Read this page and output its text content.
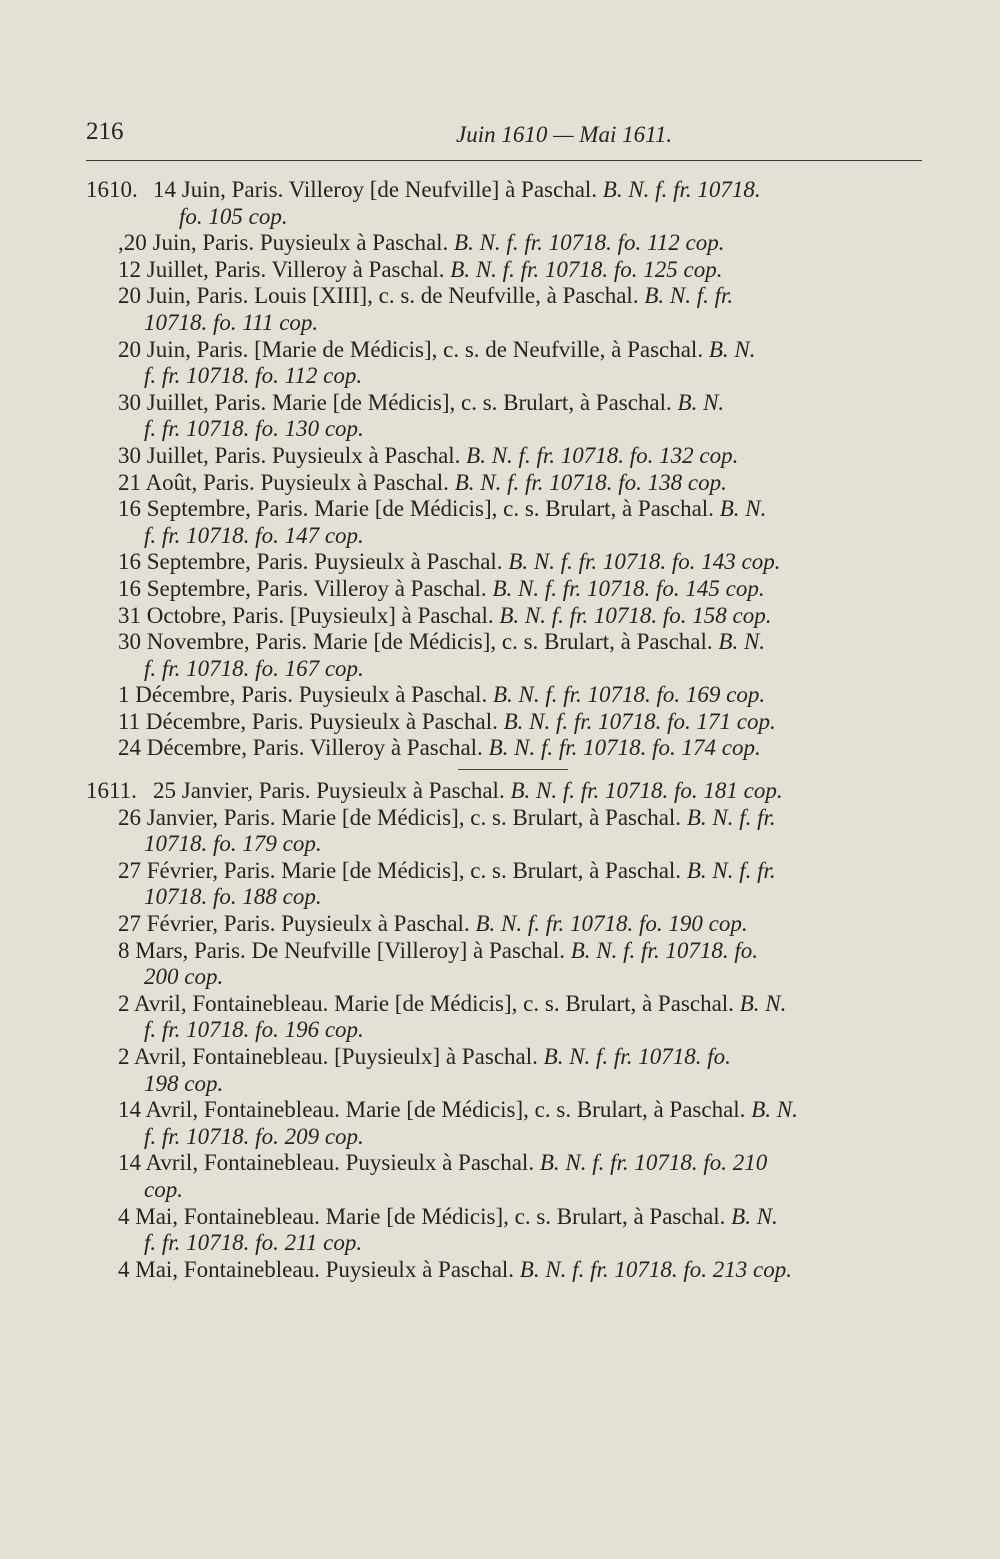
216	Juin 1610 — Mai 1611.
1610. 14 Juin, Paris. Villeroy [de Neufville] à Paschal. B. N. f. fr. 10718.
fo. 105 cop.
,20 Juin, Paris. Puysieulx à Paschal. B. N. f. fr. 10718. fo. 112 cop.
12 Juillet, Paris. Villeroy à Paschal. B. N. f. fr. 10718. fo. 125 cop.
20 Juin, Paris. Louis [XIII], c. s. de Neufville, à Paschal. B. N. f. fr.
10718. fo. 111 cop.
20 Juin, Paris. [Marie de Médicis], c. s. de Neufville, à Paschal. B. N.
f. fr. 10718. fo. 112 cop.
30 Juillet, Paris. Marie [de Médicis], c. s. Brulart, à Paschal. B. N.
f. fr. 10718. fo. 130 cop.
30 Juillet, Paris. Puysieulx à Paschal. B. N. f. fr. 10718. fo. 132 cop.
21 Août, Paris. Puysieulx à Paschal. B. N. f. fr. 10718. fo. 138 cop.
16 Septembre, Paris. Marie [de Médicis], c. s. Brulart, à Paschal. B. N.
f. fr. 10718. fo. 147 cop.
16 Septembre, Paris. Puysieulx à Paschal. B. N. f. fr. 10718. fo. 143 cop.
16 Septembre, Paris. Villeroy à Paschal. B. N. f. fr. 10718. fo. 145 cop.
31 Octobre, Paris. [Puysieulx] à Paschal. B. N. f. fr. 10718. fo. 158 cop.
30 Novembre, Paris. Marie [de Médicis], c. s. Brulart, à Paschal. B. N.
f. fr. 10718. fo. 167 cop.
1 Décembre, Paris. Puysieulx à Paschal. B. N. f. fr. 10718. fo. 169 cop.
11 Décembre, Paris. Puysieulx à Paschal. B. N. f. fr. 10718. fo. 171 cop.
24 Décembre, Paris. Villeroy à Paschal. B. N. f. fr. 10718. fo. 174 cop.
1611. 25 Janvier, Paris. Puysieulx à Paschal. B. N. f. fr. 10718. fo. 181 cop.
26 Janvier, Paris. Marie [de Médicis], c. s. Brulart, à Paschal. B. N. f. fr.
10718. fo. 179 cop.
27 Février, Paris. Marie [de Médicis], c. s. Brulart, à Paschal. B. N. f. fr.
10718. fo. 188 cop.
27 Février, Paris. Puysieulx à Paschal. B. N. f. fr. 10718. fo. 190 cop.
8 Mars, Paris. De Neufville [Villeroy] à Paschal. B. N. f. fr. 10718. fo.
200 cop.
2 Avril, Fontainebleau. Marie [de Médicis], c. s. Brulart, à Paschal. B. N.
f. fr. 10718. fo. 196 cop.
2 Avril, Fontainebleau. [Puysieulx] à Paschal. B. N. f. fr. 10718. fo.
198 cop.
14 Avril, Fontainebleau. Marie [de Médicis], c. s. Brulart, à Paschal. B. N.
f. fr. 10718. fo. 209 cop.
14 Avril, Fontainebleau. Puysieulx à Paschal. B. N. f. fr. 10718. fo. 210
cop.
4 Mai, Fontainebleau. Marie [de Médicis], c. s. Brulart, à Paschal. B. N.
f. fr. 10718. fo. 211 cop.
4 Mai, Fontainebleau. Puysieulx à Paschal. B. N. f. fr. 10718. fo. 213 cop.
